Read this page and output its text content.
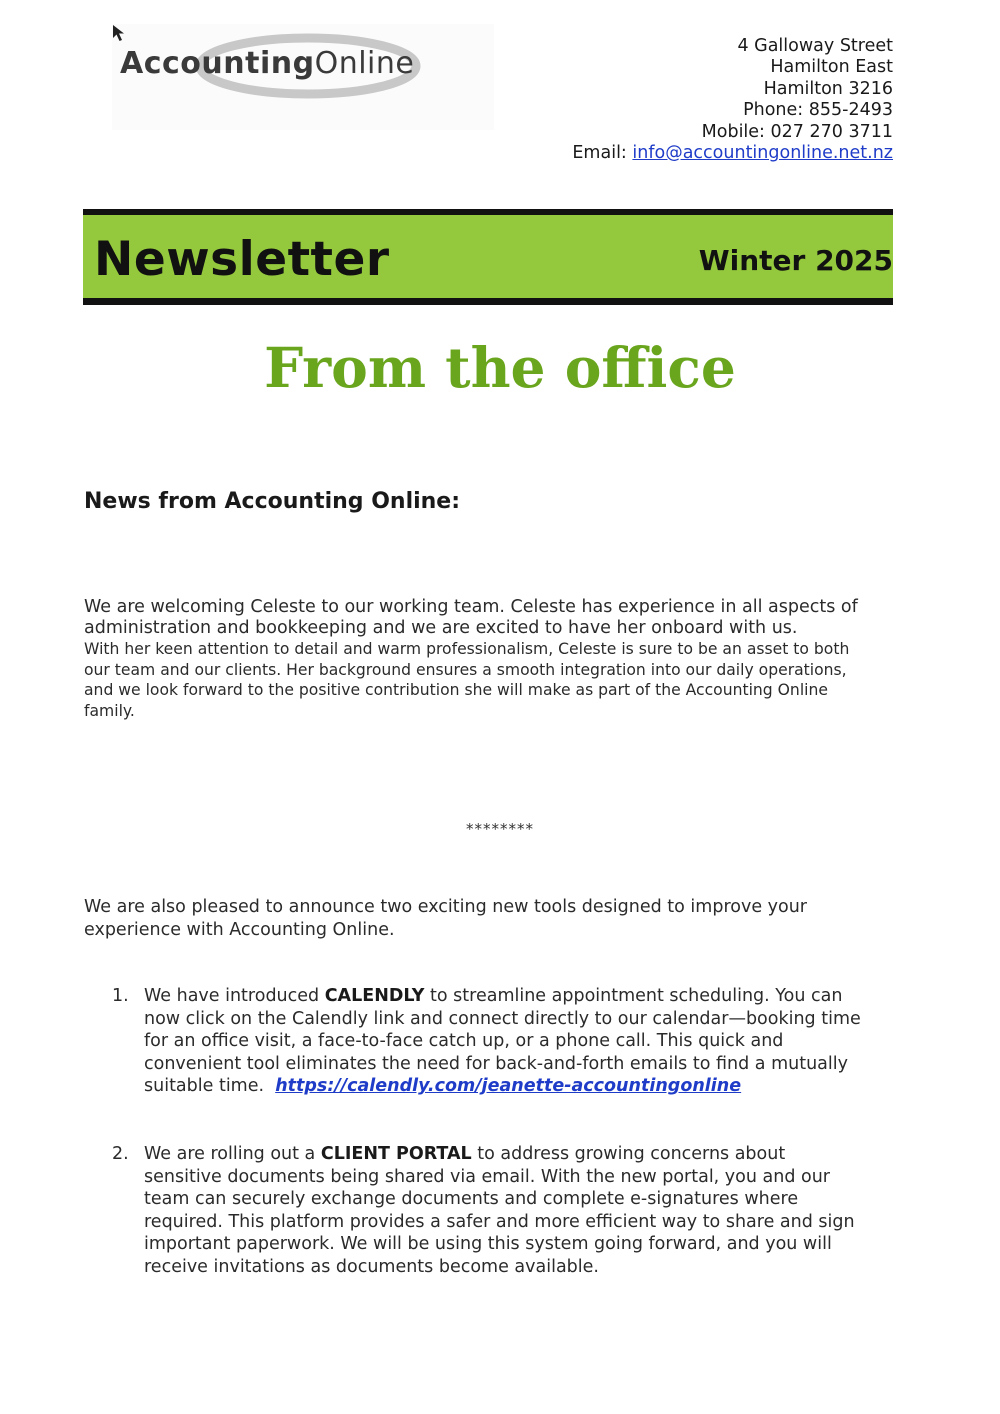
AccountingOnline	4 Galloway Street
Hamilton East
Hamilton 3216
Phone: 855-2493
Mobile: 027 270 3711
Email: info@accountingonline.net.nz
Newsletter	Winter 2025
From the office
News from Accounting Online:
We are welcoming Celeste to our working team. Celeste has experience in all aspects of
administration and bookkeeping and we are excited to have her onboard with us.
With her keen attention to detail and warm professionalism, Celeste is sure to be an asset to both
our team and our clients. Her background ensures a smooth integration into our daily operations,
and we look forward to the positive contribution she will make as part of the Accounting Online
family.
********
We are also pleased to announce two exciting new tools designed to improve your
experience with Accounting Online.
1. We have introduced CALENDLY to streamline appointment scheduling. You can
now click on the Calendly link and connect directly to our calendar—booking time
for an office visit, a face-to-face catch up, or a phone call. This quick and
convenient tool eliminates the need for back-and-forth emails to find a mutually
suitable time.  https://calendly.com/jeanette-accountingonline
2. We are rolling out a CLIENT PORTAL to address growing concerns about
sensitive documents being shared via email. With the new portal, you and our
team can securely exchange documents and complete e-signatures where
required. This platform provides a safer and more efficient way to share and sign
important paperwork. We will be using this system going forward, and you will
receive invitations as documents become available.
